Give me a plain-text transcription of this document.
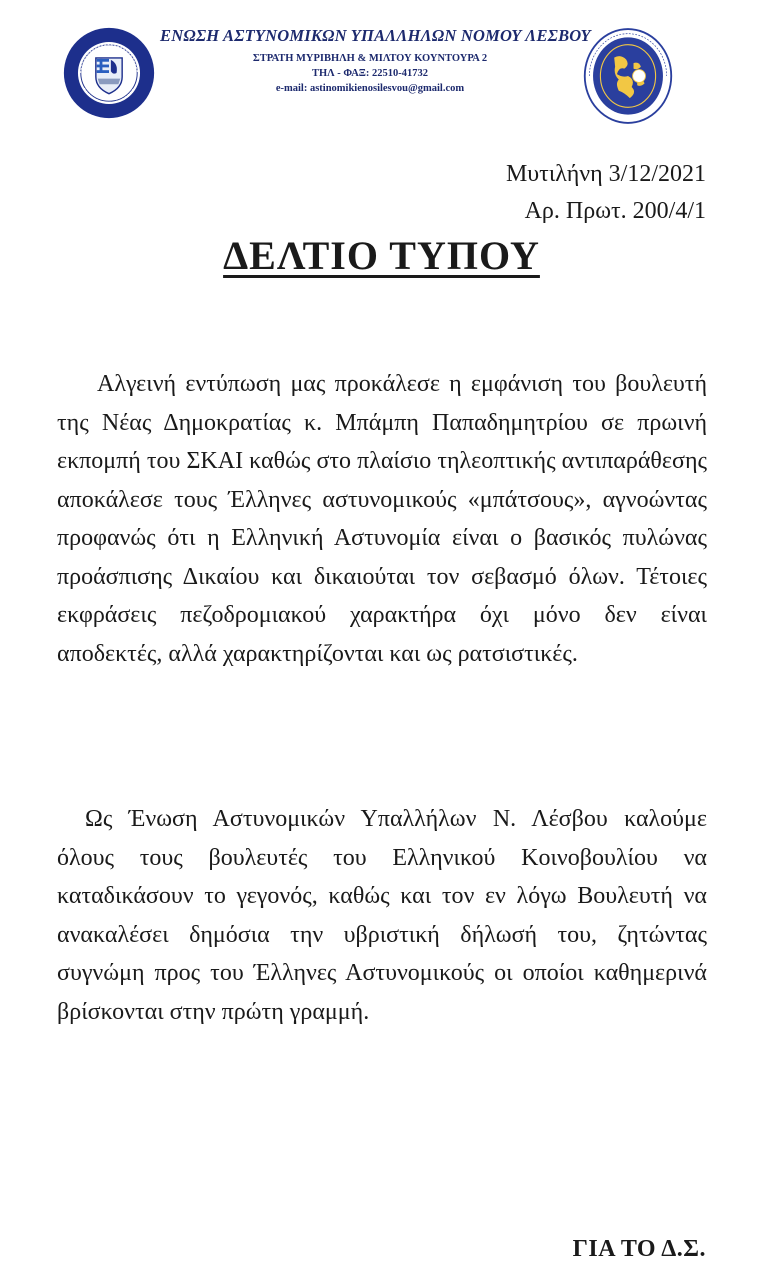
ΕΝΩΣΗ ΑΣΤΥΝΟΜΙΚΩΝ ΥΠΑΛΛΗΛΩΝ ΝΟΜΟΥ ΛΕΣΒΟΥ
ΣΤΡΑΤΗ ΜΥΡΙΒΗΛΗ & ΜΙΛΤΟΥ ΚΟΥΝΤΟΥΡΑ 2
ΤΗΛ - ΦΑΞ: 22510-41732
e-mail: astinomikienosilesvou@gmail.com
Μυτιλήνη 3/12/2021
Αρ. Πρωτ. 200/4/1
ΔΕΛΤΙΟ ΤΥΠΟΥ

Αλγεινή εντύπωση μας προκάλεσε η εμφάνιση του βουλευτή της Νέας Δημοκρατίας κ. Μπάμπη Παπαδημητρίου σε πρωινή εκπομπή του ΣΚΑΙ καθώς στο πλαίσιο τηλεοπτικής αντιπαράθεσης αποκάλεσε τους Έλληνες αστυνομικούς «μπάτσους», αγνοώντας προφανώς ότι η Ελληνική Αστυνομία είναι ο βασικός πυλώνας προάσπισης Δικαίου και δικαιούται τον σεβασμό όλων. Τέτοιες εκφράσεις πεζοδρομιακού χαρακτήρα όχι μόνο δεν είναι αποδεκτές, αλλά χαρακτηρίζονται και ως ρατσιστικές.

Ως Ένωση Αστυνομικών Υπαλλήλων Ν. Λέσβου καλούμε όλους τους βουλευτές του Ελληνικού Κοινοβουλίου να καταδικάσουν το γεγονός, καθώς και τον εν λόγω Βουλευτή να ανακαλέσει δημόσια την υβριστική δήλωσή του, ζητώντας συγνώμη προς του Έλληνες Αστυνομικούς οι οποίοι καθημερινά βρίσκονται στην πρώτη γραμμή.

ΓΙΑ ΤΟ Δ.Σ.
